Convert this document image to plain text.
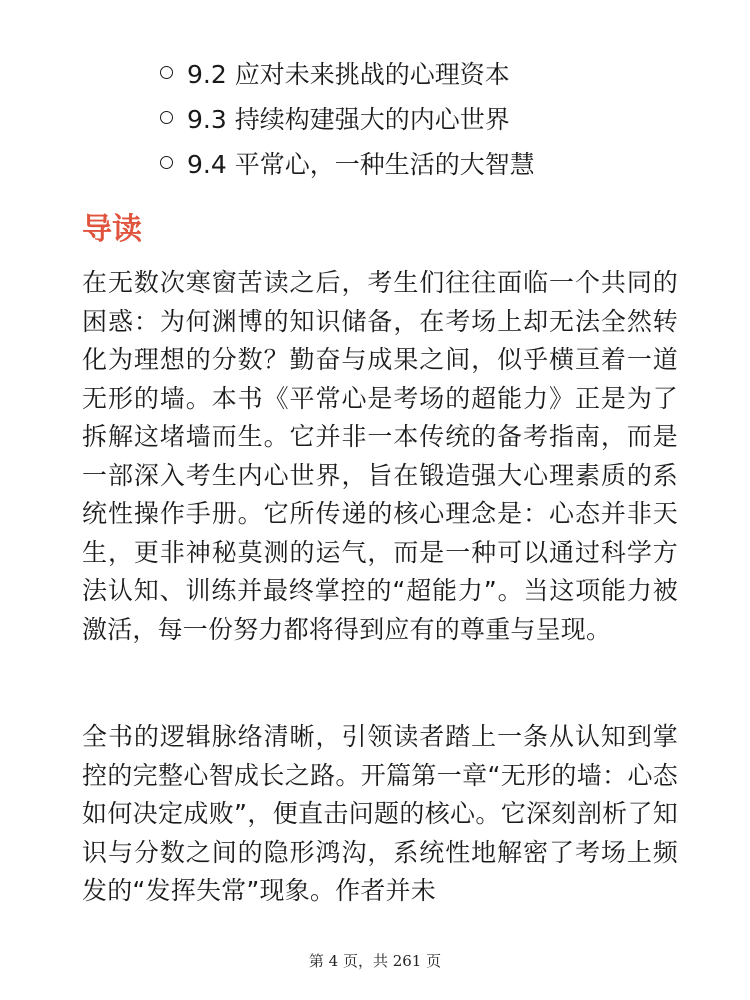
9.2 应对未来挑战的心理资本
9.3 持续构建强大的内心世界
9.4 平常心，一种生活的大智慧
导读

在无数次寒窗苦读之后，考生们往往面临一个共同的困惑：为何渊博的知识储备，在考场上却无法全然转化为理想的分数？勤奋与成果之间，似乎横亘着一道无形的墙。本书《平常心是考场的超能力》正是为了拆解这堵墙而生。它并非一本传统的备考指南，而是一部深入考生内心世界，旨在锻造强大心理素质的系统性操作手册。它所传递的核心理念是：心态并非天生，更非神秘莫测的运气，而是一种可以通过科学方法认知、训练并最终掌控的“超能力”。当这项能力被激活，每一份努力都将得到应有的尊重与呈现。

全书的逻辑脉络清晰，引领读者踏上一条从认知到掌控的完整心智成长之路。开篇第一章“无形的墙：心态如何决定成败”，便直击问题的核心。它深刻剖析了知识与分数之间的隐形鸿沟，系统性地解密了考场上频发的“发挥失常”现象。作者并未

第 4 页，共 261 页
